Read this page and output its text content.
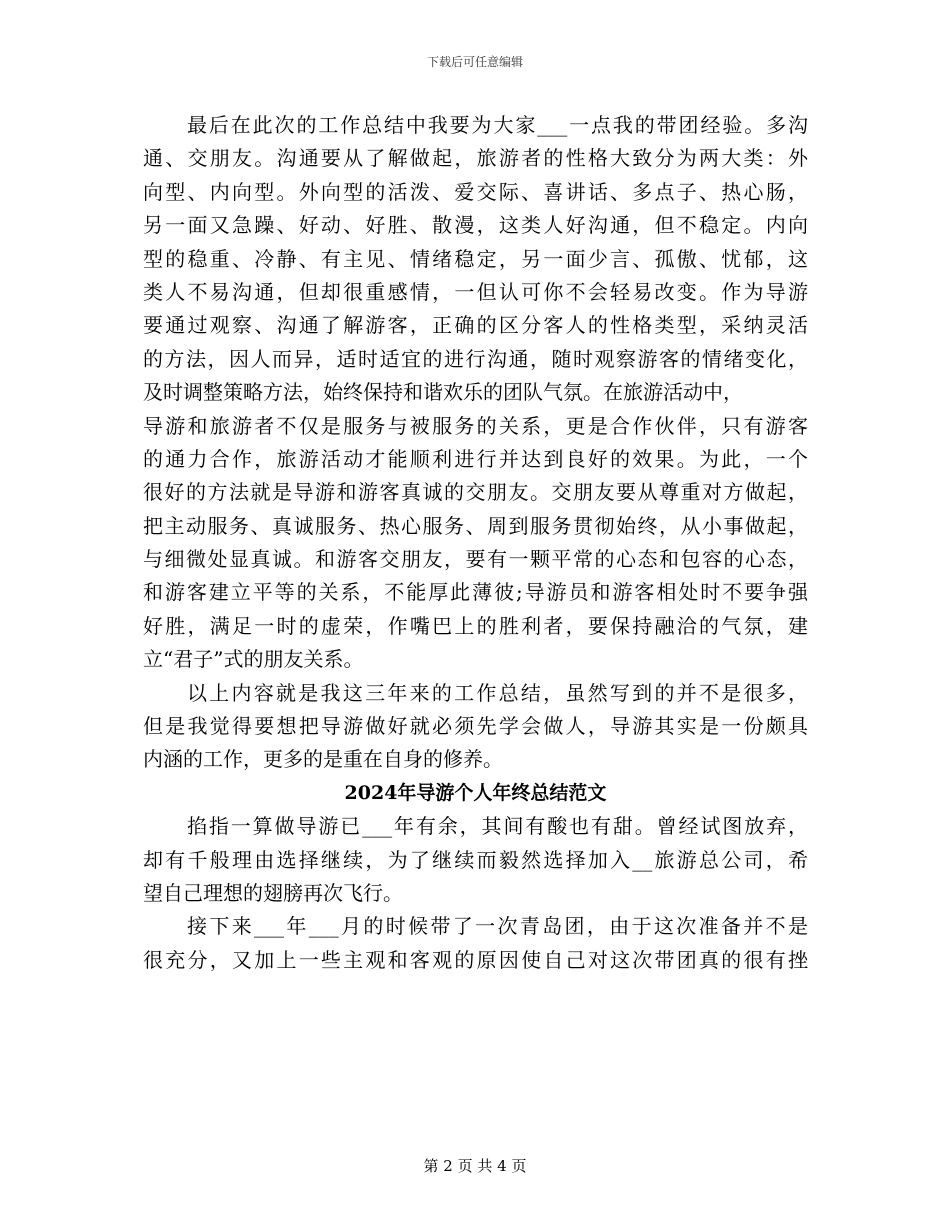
下载后可任意编辑
最后在此次的工作总结中我要为大家___一点我的带团经验。多沟
通、交朋友。沟通要从了解做起，旅游者的性格大致分为两大类：外
向型、内向型。外向型的活泼、爱交际、喜讲话、多点子、热心肠，
另一面又急躁、好动、好胜、散漫，这类人好沟通，但不稳定。内向
型的稳重、冷静、有主见、情绪稳定，另一面少言、孤傲、忧郁，这
类人不易沟通，但却很重感情，一但认可你不会轻易改变。作为导游
要通过观察、沟通了解游客，正确的区分客人的性格类型，采纳灵活
的方法，因人而异，适时适宜的进行沟通，随时观察游客的情绪变化，
及时调整策略方法，始终保持和谐欢乐的团队气氛。在旅游活动中，
导游和旅游者不仅是服务与被服务的关系，更是合作伙伴，只有游客
的通力合作，旅游活动才能顺利进行并达到良好的效果。为此，一个
很好的方法就是导游和游客真诚的交朋友。交朋友要从尊重对方做起，
把主动服务、真诚服务、热心服务、周到服务贯彻始终，从小事做起，
与细微处显真诚。和游客交朋友，要有一颗平常的心态和包容的心态，
和游客建立平等的关系，不能厚此薄彼;导游员和游客相处时不要争强
好胜，满足一时的虚荣，作嘴巴上的胜利者，要保持融洽的气氛，建
立“君子”式的朋友关系。
以上内容就是我这三年来的工作总结，虽然写到的并不是很多，
但是我觉得要想把导游做好就必须先学会做人，导游其实是一份颇具
内涵的工作，更多的是重在自身的修养。
2024年导游个人年终总结范文
掐指一算做导游已___年有余，其间有酸也有甜。曾经试图放弃，
却有千般理由选择继续，为了继续而毅然选择加入__旅游总公司，希
望自己理想的翅膀再次飞行。
接下来___年___月的时候带了一次青岛团，由于这次准备并不是
很充分，又加上一些主观和客观的原因使自己对这次带团真的很有挫
第 2 页 共 4 页
